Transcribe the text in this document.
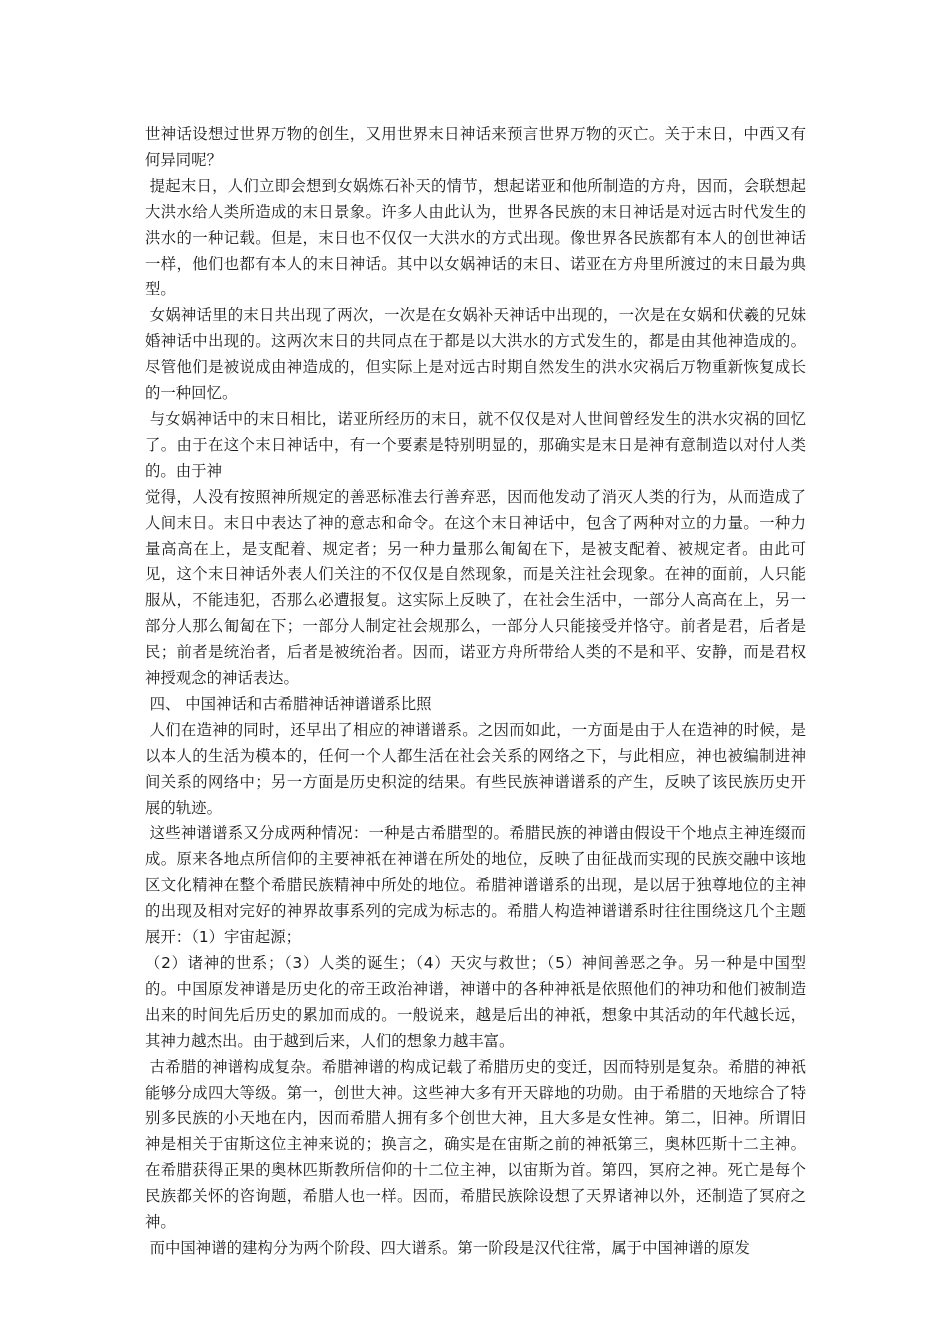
世神话设想过世界万物的创生，又用世界末日神话来预言世界万物的灭亡。关于末日，中西又有何异同呢？

提起末日，人们立即会想到女娲炼石补天的情节，想起诺亚和他所制造的方舟，因而，会联想起大洪水给人类所造成的末日景象。许多人由此认为，世界各民族的末日神话是对远古时代发生的洪水的一种记载。但是，末日也不仅仅一大洪水的方式出现。像世界各民族都有本人的创世神话一样，他们也都有本人的末日神话。其中以女娲神话的末日、诺亚在方舟里所渡过的末日最为典型。

女娲神话里的末日共出现了两次，一次是在女娲补天神话中出现的，一次是在女娲和伏羲的兄妹婚神话中出现的。这两次末日的共同点在于都是以大洪水的方式发生的，都是由其他神造成的。尽管他们是被说成由神造成的，但实际上是对远古时期自然发生的洪水灾祸后万物重新恢复成长的一种回忆。

与女娲神话中的末日相比，诺亚所经历的末日，就不仅仅是对人世间曾经发生的洪水灾祸的回忆了。由于在这个末日神话中，有一个要素是特别明显的，那确实是末日是神有意制造以对付人类的。由于神

觉得，人没有按照神所规定的善恶标准去行善弃恶，因而他发动了消灭人类的行为，从而造成了人间末日。末日中表达了神的意志和命令。在这个末日神话中，包含了两种对立的力量。一种力量高高在上，是支配着、规定者；另一种力量那么匍匐在下，是被支配着、被规定者。由此可见，这个末日神话外表人们关注的不仅仅是自然现象，而是关注社会现象。在神的面前，人只能服从，不能违犯，否那么必遭报复。这实际上反映了，在社会生活中，一部分人高高在上，另一部分人那么匍匐在下；一部分人制定社会规那么，一部分人只能接受并恪守。前者是君，后者是民；前者是统治者，后者是被统治者。因而，诺亚方舟所带给人类的不是和平、安静，而是君权神授观念的神话表达。

四、 中国神话和古希腊神话神谱谱系比照

人们在造神的同时，还早出了相应的神谱谱系。之因而如此，一方面是由于人在造神的时候，是以本人的生活为模本的，任何一个人都生活在社会关系的网络之下，与此相应，神也被编制进神间关系的网络中；另一方面是历史积淀的结果。有些民族神谱谱系的产生，反映了该民族历史开展的轨迹。

这些神谱谱系又分成两种情况：一种是古希腊型的。希腊民族的神谱由假设干个地点主神连缀而成。原来各地点所信仰的主要神祇在神谱在所处的地位，反映了由征战而实现的民族交融中该地区文化精神在整个希腊民族精神中所处的地位。希腊神谱谱系的出现，是以居于独尊地位的主神的出现及相对完好的神界故事系列的完成为标志的。希腊人构造神谱谱系时往往围绕这几个主题展开：（1）宇宙起源；

（2）诸神的世系；（3）人类的诞生；（4）天灾与救世；（5）神间善恶之争。另一种是中国型的。中国原发神谱是历史化的帝王政治神谱，神谱中的各种神祇是依照他们的神功和他们被制造出来的时间先后历史的累加而成的。一般说来，越是后出的神祇，想象中其活动的年代越长远，其神力越杰出。由于越到后来，人们的想象力越丰富。

古希腊的神谱构成复杂。希腊神谱的构成记载了希腊历史的变迁，因而特别是复杂。希腊的神祇能够分成四大等级。第一，创世大神。这些神大多有开天辟地的功勋。由于希腊的天地综合了特别多民族的小天地在内，因而希腊人拥有多个创世大神，且大多是女性神。第二，旧神。所谓旧神是相关于宙斯这位主神来说的；换言之，确实是在宙斯之前的神祇第三，奥林匹斯十二主神。在希腊获得正果的奥林匹斯教所信仰的十二位主神，以宙斯为首。第四，冥府之神。死亡是每个民族都关怀的咨询题，希腊人也一样。因而，希腊民族除设想了天界诸神以外，还制造了冥府之神。

而中国神谱的建构分为两个阶段、四大谱系。第一阶段是汉代往常，属于中国神谱的原发
